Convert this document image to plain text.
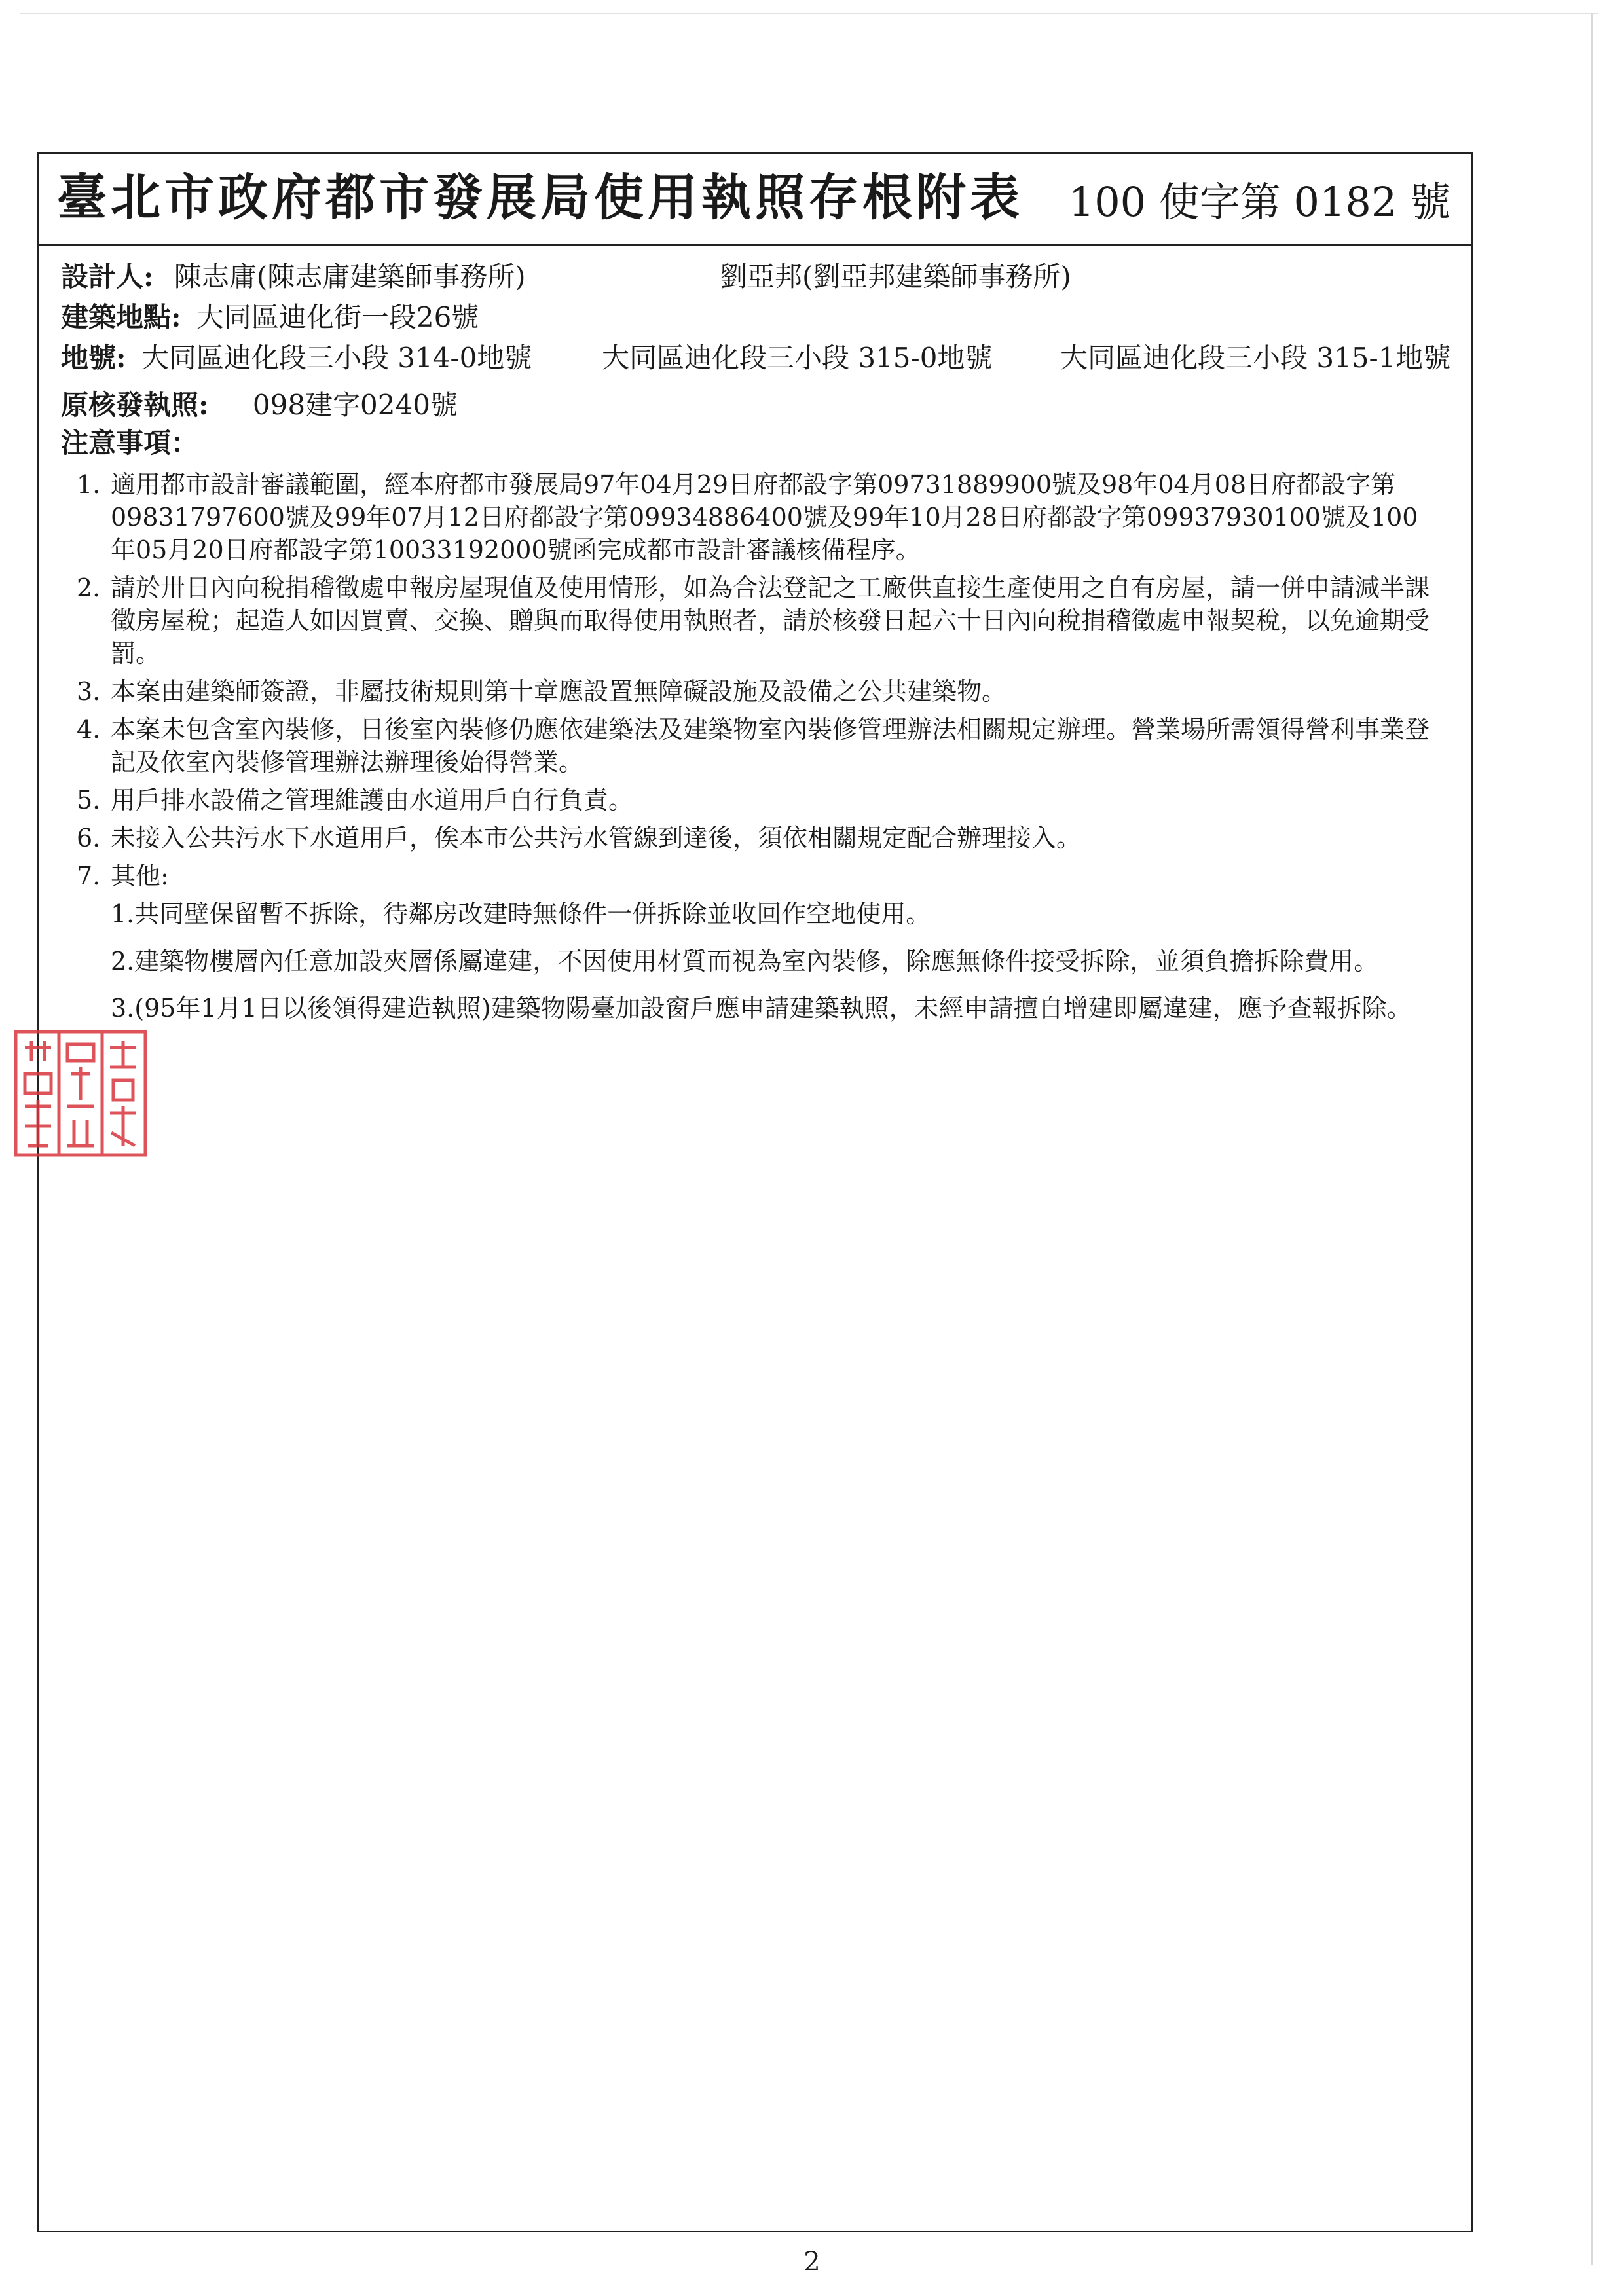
臺北市政府都市發展局使用執照存根附表 100 使字第 0182 號
設計人: 陳志庸(陳志庸建築師事務所)	劉亞邦(劉亞邦建築師事務所)
建築地點: 大同區迪化街一段26號
地號: 大同區迪化段三小段 314-0地號	大同區迪化段三小段 315-0地號 大同區迪化段三小段 315-1地號
原核發執照: 098建字0240號
注意事項：
1. 適用都市設計審議範圍，經本府都市發展局97年04月29日府都設字第09731889900號及98年04月08日府都設字第09831797600號及99年07月12日府都設字第09934886400號及99年10月28日府都設字第09937930100號及100年05月20日府都設字第10033192000號函完成都市設計審議核備程序。
2. 請於卅日內向稅捐稽徵處申報房屋現值及使用情形，如為合法登記之工廠供直接生產使用之自有房屋，請一併申請減半課徵房屋稅；起造人如因買賣、交換、贈與而取得使用執照者，請於核發日起六十日內向稅捐稽徵處申報契稅，以免逾期受罰。
3. 本案由建築師簽證，非屬技術規則第十章應設置無障礙設施及設備之公共建築物。
4. 本案未包含室內裝修，日後室內裝修仍應依建築法及建築物室內裝修管理辦法相關規定辦理。營業場所需領得營利事業登記及依室內裝修管理辦法辦理後始得營業。
5. 用戶排水設備之管理維護由水道用戶自行負責。
6. 未接入公共污水下水道用戶，俟本市公共污水管線到達後，須依相關規定配合辦理接入。
7. 其他:
1.共同壁保留暫不拆除，待鄰房改建時無條件一併拆除並收回作空地使用。
2.建築物樓層內任意加設夾層係屬違建，不因使用材質而視為室內裝修，除應無條件接受拆除，並須負擔拆除費用。
3.(95年1月1日以後領得建造執照)建築物陽臺加設窗戶應申請建築執照，未經申請擅自增建即屬違建，應予查報拆除。
2
